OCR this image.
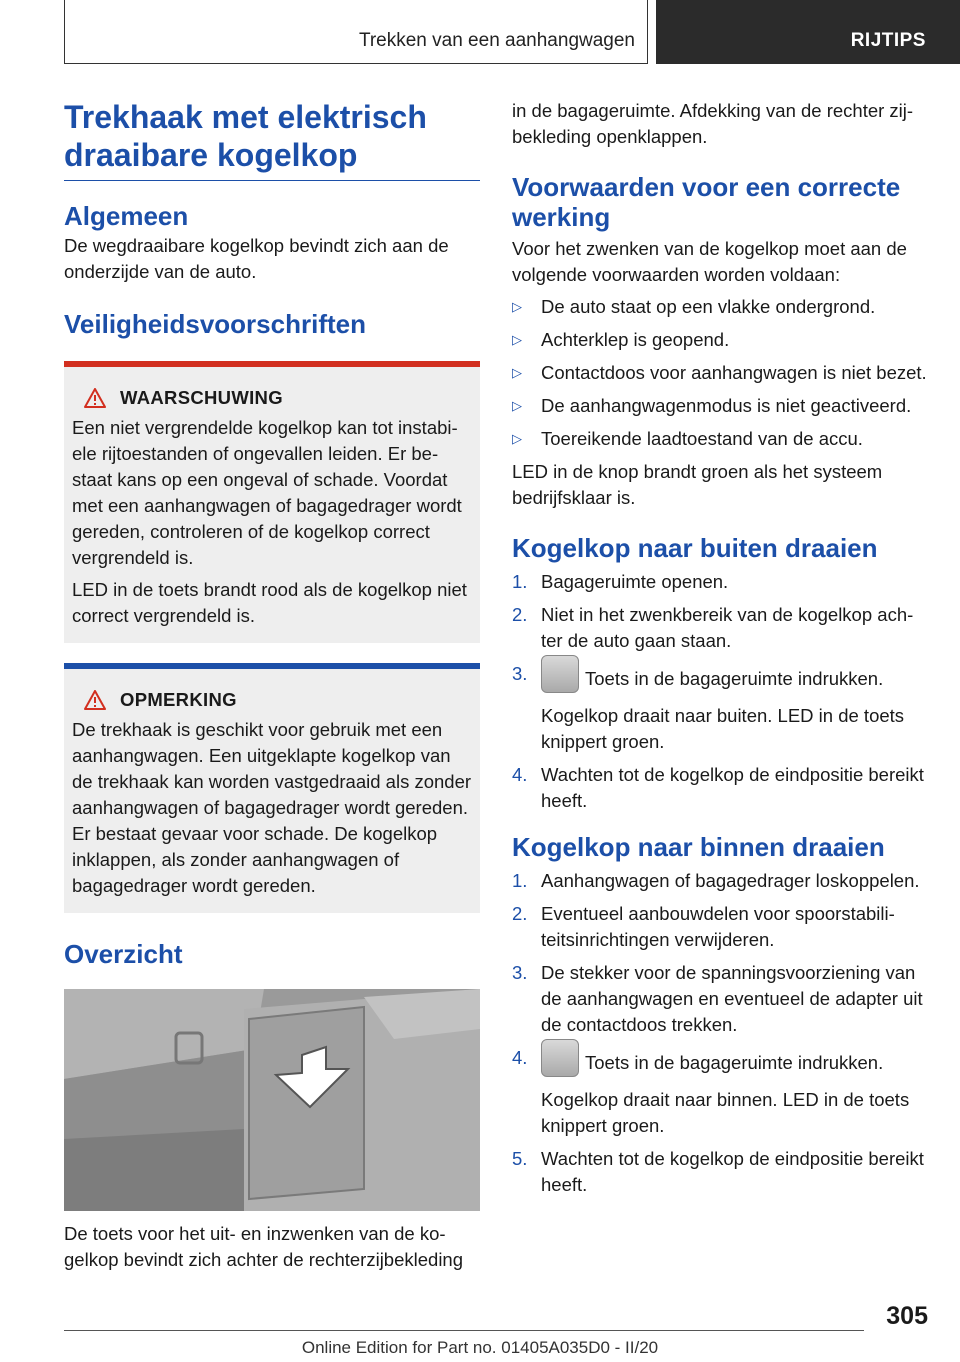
Trekken van een aanhangwagen	RIJTIPS
Trekhaak met elektrisch draaibare kogelkop
Algemeen

De wegdraaibare kogelkop bevindt zich aan de onderzijde van de auto.

Veiligheidsvoorschriften
WAARSCHUWING

Een niet vergrendelde kogelkop kan tot instabiele rijtoestanden of ongevallen leiden. Er bestaat kans op een ongeval of schade. Voordat met een aanhangwagen of bagagedrager wordt gereden, controleren of de kogelkop correct vergrendeld is.

LED in de toets brandt rood als de kogelkop niet correct vergrendeld is.

OPMERKING

De trekhaak is geschikt voor gebruik met een aanhangwagen. Een uitgeklapte kogelkop van de trekhaak kan worden vastgedraaid als zonder aanhangwagen of bagagedrager wordt gereden. Er bestaat gevaar voor schade. De kogelkop inklappen, als zonder aanhangwagen of bagagedrager wordt gereden.

Overzicht

De toets voor het uit- en inzwenken van de kogelkop bevindt zich achter de rechterzijbekleding

in de bagageruimte. Afdekking van de rechter zijbekleding openklappen.

Voorwaarden voor een correcte werking

Voor het zwenken van de kogelkop moet aan de volgende voorwaarden worden voldaan:

▷	De auto staat op een vlakke ondergrond.
▷	Achterklep is geopend.
▷	Contactdoos voor aanhangwagen is niet bezet.
▷	De aanhangwagenmodus is niet geactiveerd.
▷	Toereikende laadtoestand van de accu.

LED in de knop brandt groen als het systeem bedrijfsklaar is.

Kogelkop naar buiten draaien
1. Bagageruimte openen.
2. Niet in het zwenkbereik van de kogelkop achter de auto gaan staan.
3.	Toets in de bagageruimte indrukken.
Kogelkop draait naar buiten. LED in de toets knippert groen.
4. Wachten tot de kogelkop de eindpositie bereikt heeft.
Kogelkop naar binnen draaien
1. Aanhangwagen of bagagedrager loskoppelen.
2. Eventueel aanbouwdelen voor spoorstabiliteitsinrichtingen verwijderen.
3. De stekker voor de spanningsvoorziening van de aanhangwagen en eventueel de adapter uit de contactdoos trekken.
4.	Toets in de bagageruimte indrukken.
Kogelkop draait naar binnen. LED in de toets knippert groen.
5. Wachten tot de kogelkop de eindpositie bereikt heeft.
305
Online Edition for Part no. 01405A035D0 - II/20
